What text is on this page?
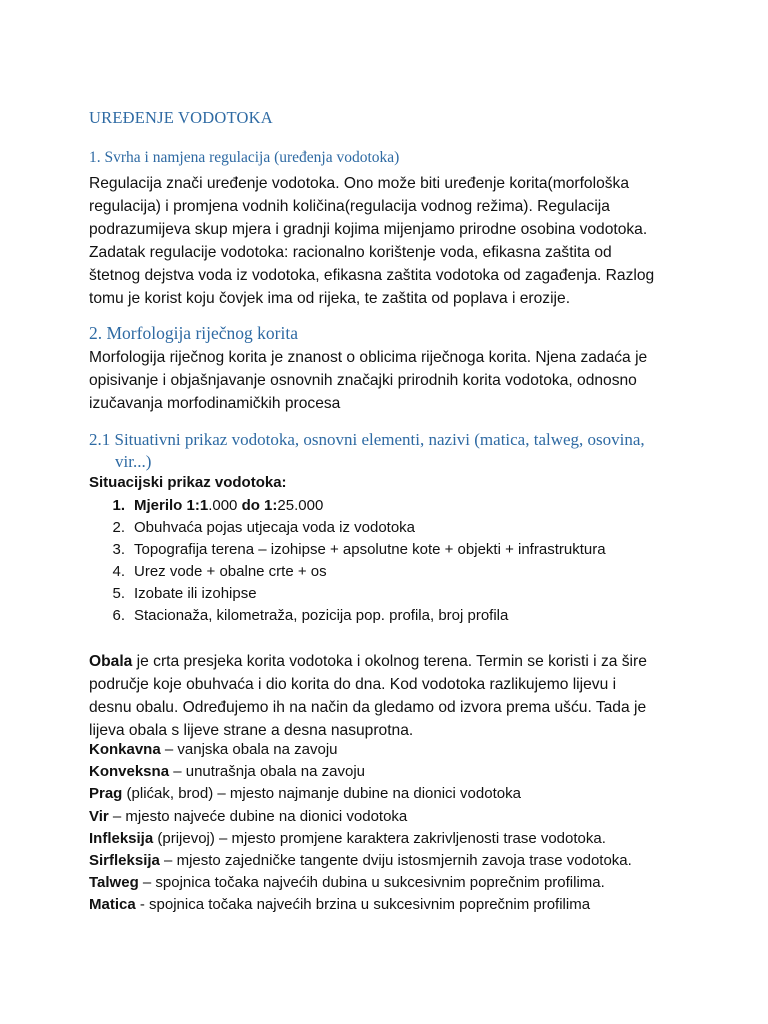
UREĐENJE VODOTOKA
1. Svrha i namjena regulacija (uređenja vodotoka)
Regulacija znači uređenje vodotoka. Ono može biti uređenje korita(morfološka
regulacija) i promjena vodnih količina(regulacija vodnog režima). Regulacija
podrazumijeva skup mjera i gradnji kojima mijenjamo prirodne osobina vodotoka.
Zadatak regulacije vodotoka: racionalno korištenje voda, efikasna zaštita od
štetnog dejstva voda iz vodotoka, efikasna zaštita vodotoka od zagađenja. Razlog
tomu je korist koju čovjek ima od rijeka, te zaštita od poplava i erozije.
2. Morfologija riječnog korita
Morfologija riječnog korita je znanost o oblicima riječnoga korita. Njena zadaća je
opisivanje i objašnjavanje osnovnih značajki prirodnih korita vodotoka, odnosno
izučavanja morfodinamičkih procesa
2.1 Situativni prikaz vodotoka, osnovni elementi, nazivi (matica, talweg, osovina,
vir...)
Situacijski prikaz vodotoka:
1. Mjerilo 1:1.000 do 1:25.000
2. Obuhvaća pojas utjecaja voda iz vodotoka
3. Topografija terena – izohipse + apsolutne kote + objekti + infrastruktura
4. Urez vode + obalne crte + os
5. Izobate ili izohipse
6. Stacionaža, kilometraža, pozicija pop. profila, broj profila
Obala je crta presjeka korita vodotoka i okolnog terena. Termin se koristi i za šire
područje koje obuhvaća i dio korita do dna. Kod vodotoka razlikujemo lijevu i
desnu obalu. Određujemo ih na način da gledamo od izvora prema ušću. Tada je
lijeva obala s lijeve strane a desna nasuprotna.
Konkavna – vanjska obala na zavoju
Konveksna – unutrašnja obala na zavoju
Prag (plićak, brod) – mjesto najmanje dubine na dionici vodotoka
Vir – mjesto najveće dubine na dionici vodotoka
Infleksija (prijevoj) – mjesto promjene karaktera zakrivljenosti trase vodotoka.
Sirfleksija – mjesto zajedničke tangente dviju istosmjernih zavoja trase vodotoka.
Talweg – spojnica točaka najvećih dubina u sukcesivnim poprečnim profilima.
Matica - spojnica točaka najvećih brzina u sukcesivnim poprečnim profilima
